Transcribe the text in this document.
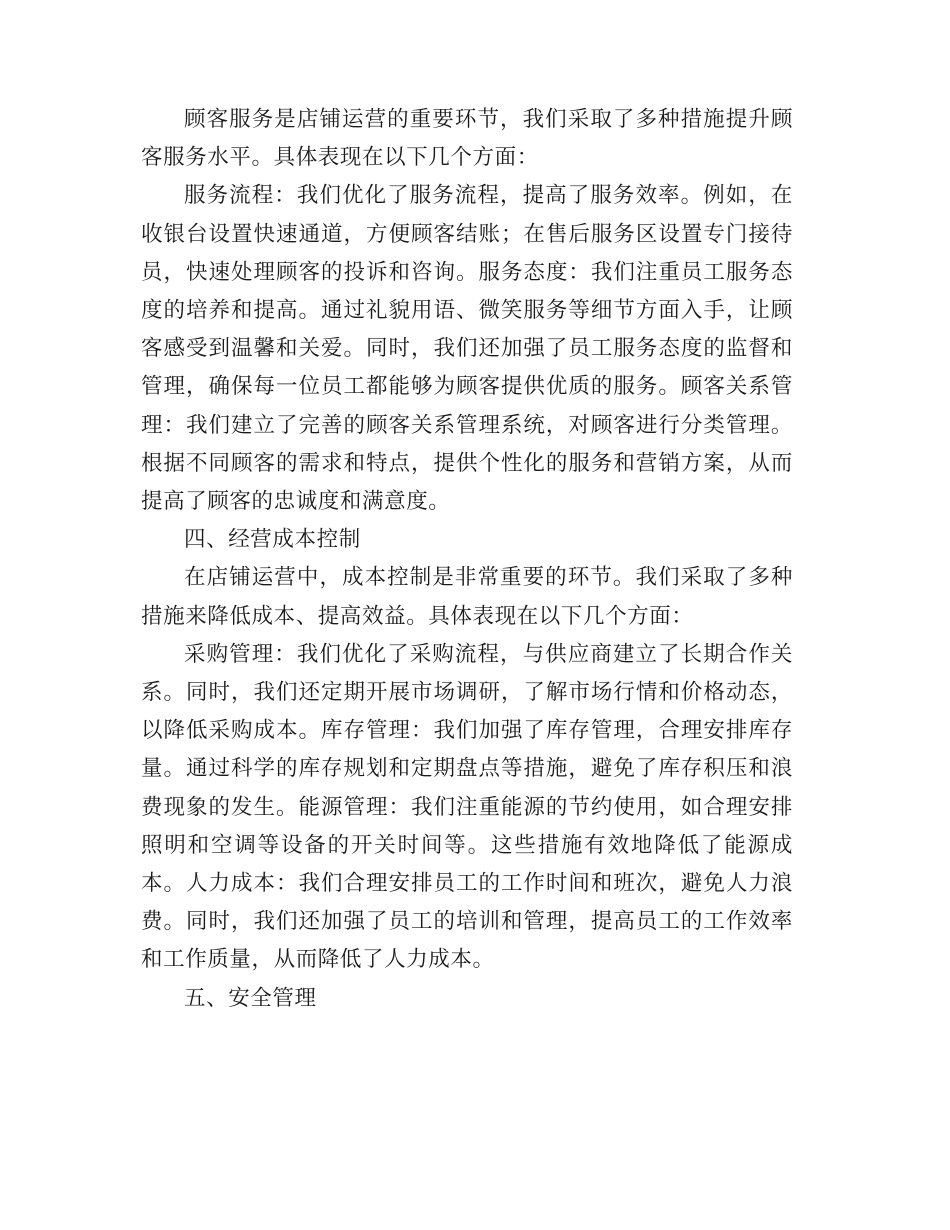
顾客服务是店铺运营的重要环节，我们采取了多种措施提升顾客服务水平。具体表现在以下几个方面：

服务流程：我们优化了服务流程，提高了服务效率。例如，在收银台设置快速通道，方便顾客结账；在售后服务区设置专门接待员，快速处理顾客的投诉和咨询。服务态度：我们注重员工服务态度的培养和提高。通过礼貌用语、微笑服务等细节方面入手，让顾客感受到温馨和关爱。同时，我们还加强了员工服务态度的监督和管理，确保每一位员工都能够为顾客提供优质的服务。顾客关系管理：我们建立了完善的顾客关系管理系统，对顾客进行分类管理。根据不同顾客的需求和特点，提供个性化的服务和营销方案，从而提高了顾客的忠诚度和满意度。

四、经营成本控制

在店铺运营中，成本控制是非常重要的环节。我们采取了多种措施来降低成本、提高效益。具体表现在以下几个方面：

采购管理：我们优化了采购流程，与供应商建立了长期合作关系。同时，我们还定期开展市场调研，了解市场行情和价格动态，以降低采购成本。库存管理：我们加强了库存管理，合理安排库存量。通过科学的库存规划和定期盘点等措施，避免了库存积压和浪费现象的发生。能源管理：我们注重能源的节约使用，如合理安排照明和空调等设备的开关时间等。这些措施有效地降低了能源成本。人力成本：我们合理安排员工的工作时间和班次，避免人力浪费。同时，我们还加强了员工的培训和管理，提高员工的工作效率和工作质量，从而降低了人力成本。

五、安全管理
